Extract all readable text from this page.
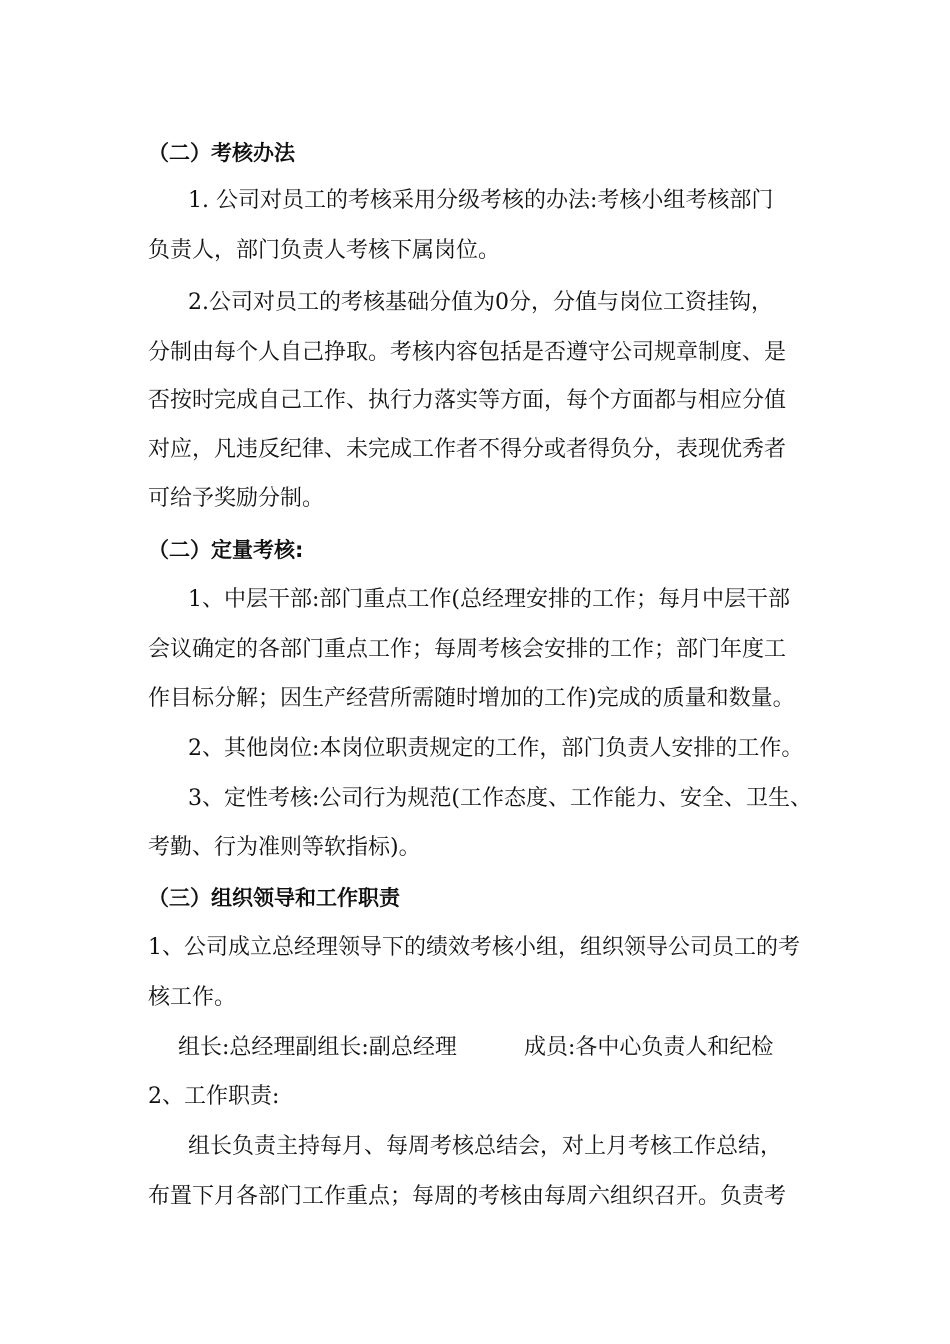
（二）考核办法
1. 公司对员工的考核采用分级考核的办法:考核小组考核部门
负责人，部门负责人考核下属岗位。
2.公司对员工的考核基础分值为0分，分值与岗位工资挂钩，
分制由每个人自己挣取。考核内容包括是否遵守公司规章制度、是
否按时完成自己工作、执行力落实等方面，每个方面都与相应分值
对应，凡违反纪律、未完成工作者不得分或者得负分，表现优秀者
可给予奖励分制。
（二）定量考核:
1、中层干部:部门重点工作(总经理安排的工作；每月中层干部
会议确定的各部门重点工作；每周考核会安排的工作；部门年度工
作目标分解；因生产经营所需随时增加的工作)完成的质量和数量。
2、其他岗位:本岗位职责规定的工作，部门负责人安排的工作。
3、定性考核:公司行为规范(工作态度、工作能力、安全、卫生、
考勤、行为准则等软指标)。
（三）组织领导和工作职责
1、公司成立总经理领导下的绩效考核小组，组织领导公司员工的考
核工作。
组长:总经理副组长:副总经理	成员:各中心负责人和纪检
2、工作职责:
组长负责主持每月、每周考核总结会，对上月考核工作总结，
布置下月各部门工作重点；每周的考核由每周六组织召开。负责考
